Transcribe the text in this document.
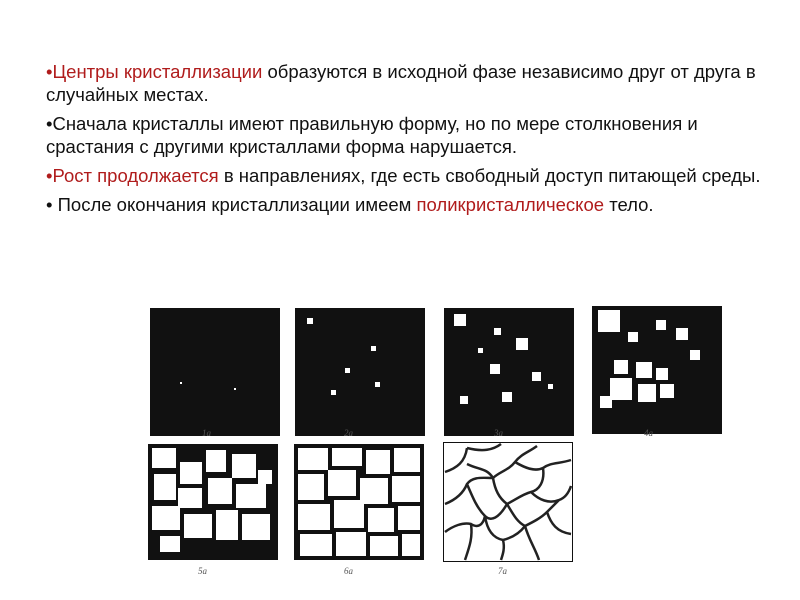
•Центры кристаллизации образуются в исходной фазе независимо друг от друга в случайных местах.

•Сначала кристаллы имеют правильную форму, но по мере столкновения и срастания с другими кристаллами форма нарушается.

•Рост продолжается в направлениях, где есть свободный доступ питающей среды.

• После окончания кристаллизации имеем поликристаллическое тело.

1а	2а	3а	4а
5а	6а	7а
